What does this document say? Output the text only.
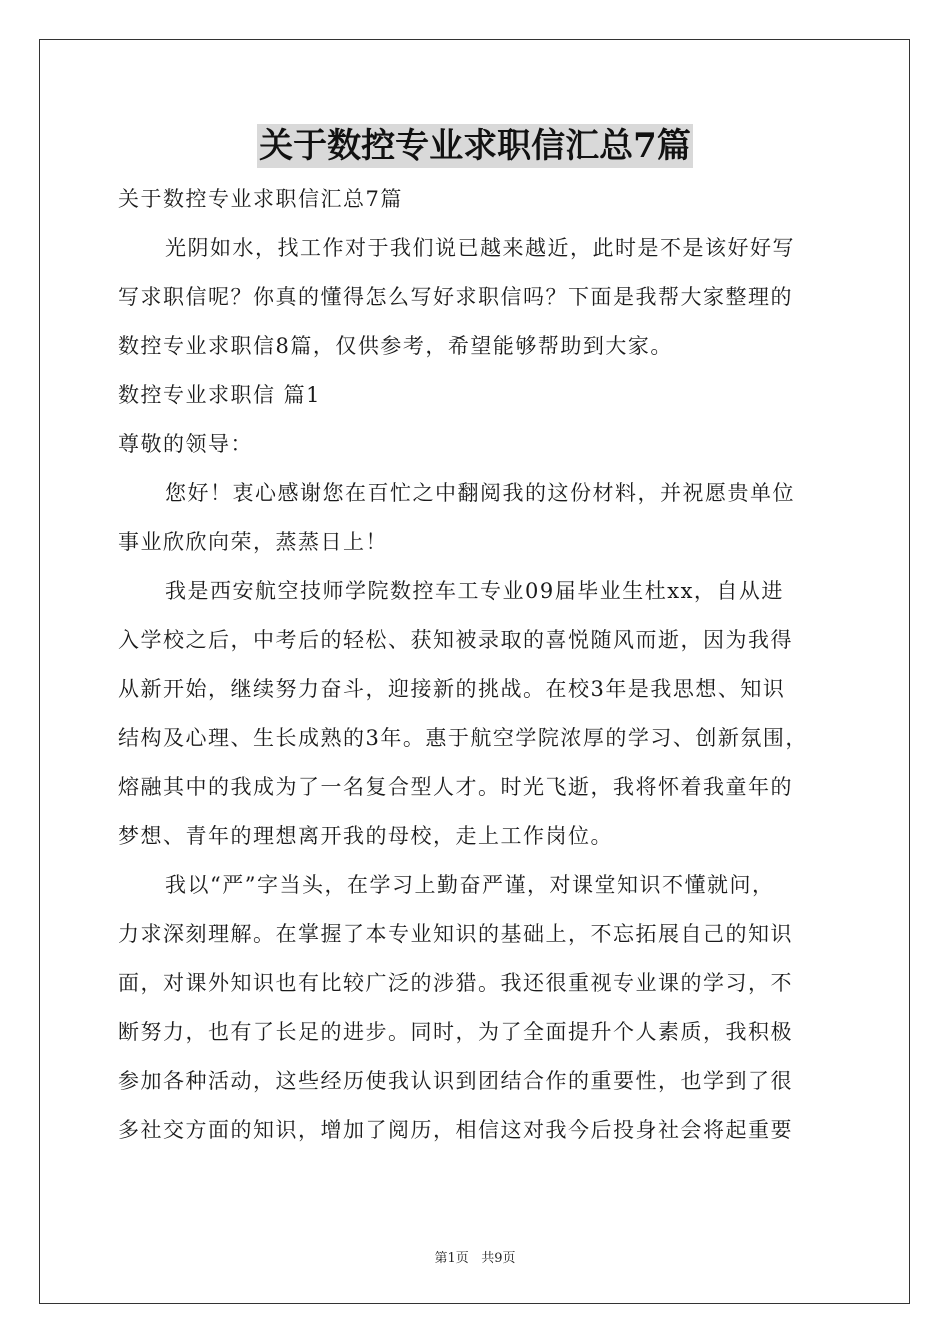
关于数控专业求职信汇总7篇
关于数控专业求职信汇总7篇
光阴如水，找工作对于我们说已越来越近，此时是不是该好好写
写求职信呢？你真的懂得怎么写好求职信吗？下面是我帮大家整理的
数控专业求职信8篇，仅供参考，希望能够帮助到大家。
数控专业求职信 篇1
尊敬的领导：
您好！衷心感谢您在百忙之中翻阅我的这份材料，并祝愿贵单位
事业欣欣向荣，蒸蒸日上！
我是西安航空技师学院数控车工专业09届毕业生杜xx，自从进
入学校之后，中考后的轻松、获知被录取的喜悦随风而逝，因为我得
从新开始，继续努力奋斗，迎接新的挑战。在校3年是我思想、知识
结构及心理、生长成熟的3年。惠于航空学院浓厚的学习、创新氛围，
熔融其中的我成为了一名复合型人才。时光飞逝，我将怀着我童年的
梦想、青年的理想离开我的母校，走上工作岗位。
我以“严”字当头，在学习上勤奋严谨，对课堂知识不懂就问，
力求深刻理解。在掌握了本专业知识的基础上，不忘拓展自己的知识
面，对课外知识也有比较广泛的涉猎。我还很重视专业课的学习，不
断努力，也有了长足的进步。同时，为了全面提升个人素质，我积极
参加各种活动，这些经历使我认识到团结合作的重要性，也学到了很
多社交方面的知识，增加了阅历，相信这对我今后投身社会将起重要
第1页 共9页
